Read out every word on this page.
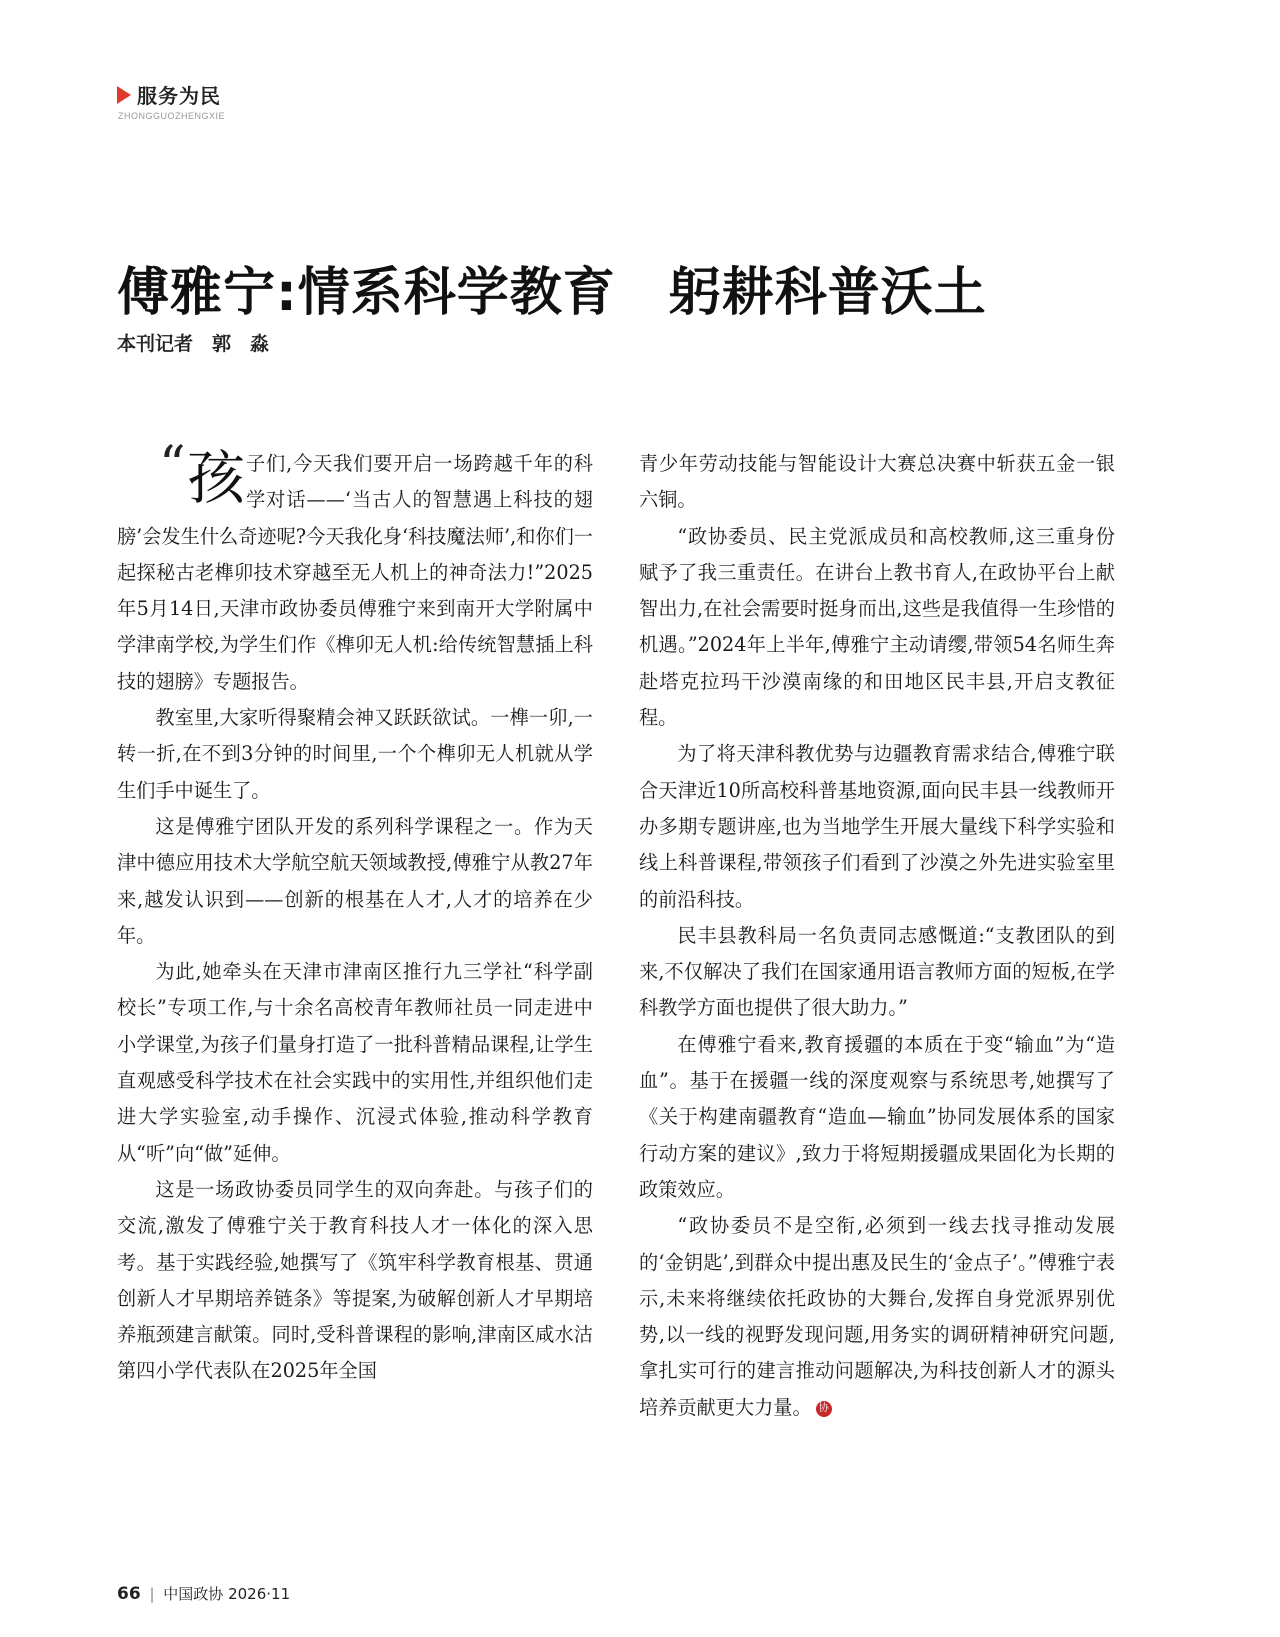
服务为民
ZHONGGUOZHENGXIE
傅雅宁:情系科学教育　躬耕科普沃土
本刊记者　郭　淼
“ 孩 子们,今天我们要开启一场跨越千年的科学对话——‘当古人的智慧遇上科技的翅膀’会发生什么奇迹呢?今天我化身‘科技魔法师’,和你们一起探秘古老榫卯技术穿越至无人机上的神奇法力!”2025年5月14日,天津市政协委员傅雅宁来到南开大学附属中学津南学校,为学生们作《榫卯无人机:给传统智慧插上科技的翅膀》专题报告。

教室里,大家听得聚精会神又跃跃欲试。一榫一卯,一转一折,在不到3分钟的时间里,一个个榫卯无人机就从学生们手中诞生了。

这是傅雅宁团队开发的系列科学课程之一。作为天津中德应用技术大学航空航天领域教授,傅雅宁从教27年来,越发认识到——创新的根基在人才,人才的培养在少年。

为此,她牵头在天津市津南区推行九三学社“科学副校长”专项工作,与十余名高校青年教师社员一同走进中小学课堂,为孩子们量身打造了一批科普精品课程,让学生直观感受科学技术在社会实践中的实用性,并组织他们走进大学实验室,动手操作、沉浸式体验,推动科学教育从“听”向“做”延伸。

这是一场政协委员同学生的双向奔赴。与孩子们的交流,激发了傅雅宁关于教育科技人才一体化的深入思考。基于实践经验,她撰写了《筑牢科学教育根基、贯通创新人才早期培养链条》等提案,为破解创新人才早期培养瓶颈建言献策。同时,受科普课程的影响,津南区咸水沽第四小学代表队在2025年全国

青少年劳动技能与智能设计大赛总决赛中斩获五金一银六铜。

“政协委员、民主党派成员和高校教师,这三重身份赋予了我三重责任。在讲台上教书育人,在政协平台上献智出力,在社会需要时挺身而出,这些是我值得一生珍惜的机遇。”2024年上半年,傅雅宁主动请缨,带领54名师生奔赴塔克拉玛干沙漠南缘的和田地区民丰县,开启支教征程。

为了将天津科教优势与边疆教育需求结合,傅雅宁联合天津近10所高校科普基地资源,面向民丰县一线教师开办多期专题讲座,也为当地学生开展大量线下科学实验和线上科普课程,带领孩子们看到了沙漠之外先进实验室里的前沿科技。

民丰县教科局一名负责同志感慨道:“支教团队的到来,不仅解决了我们在国家通用语言教师方面的短板,在学科教学方面也提供了很大助力。”

在傅雅宁看来,教育援疆的本质在于变“输血”为“造血”。基于在援疆一线的深度观察与系统思考,她撰写了《关于构建南疆教育“造血—输血”协同发展体系的国家行动方案的建议》,致力于将短期援疆成果固化为长期的政策效应。

“政协委员不是空衔,必须到一线去找寻推动发展的‘金钥匙’,到群众中提出惠及民生的‘金点子’。”傅雅宁表示,未来将继续依托政协的大舞台,发挥自身党派界别优势,以一线的视野发现问题,用务实的调研精神研究问题,拿扎实可行的建言推动问题解决,为科技创新人才的源头培养贡献更大力量。 协

66 | 中国政协 2026·11
